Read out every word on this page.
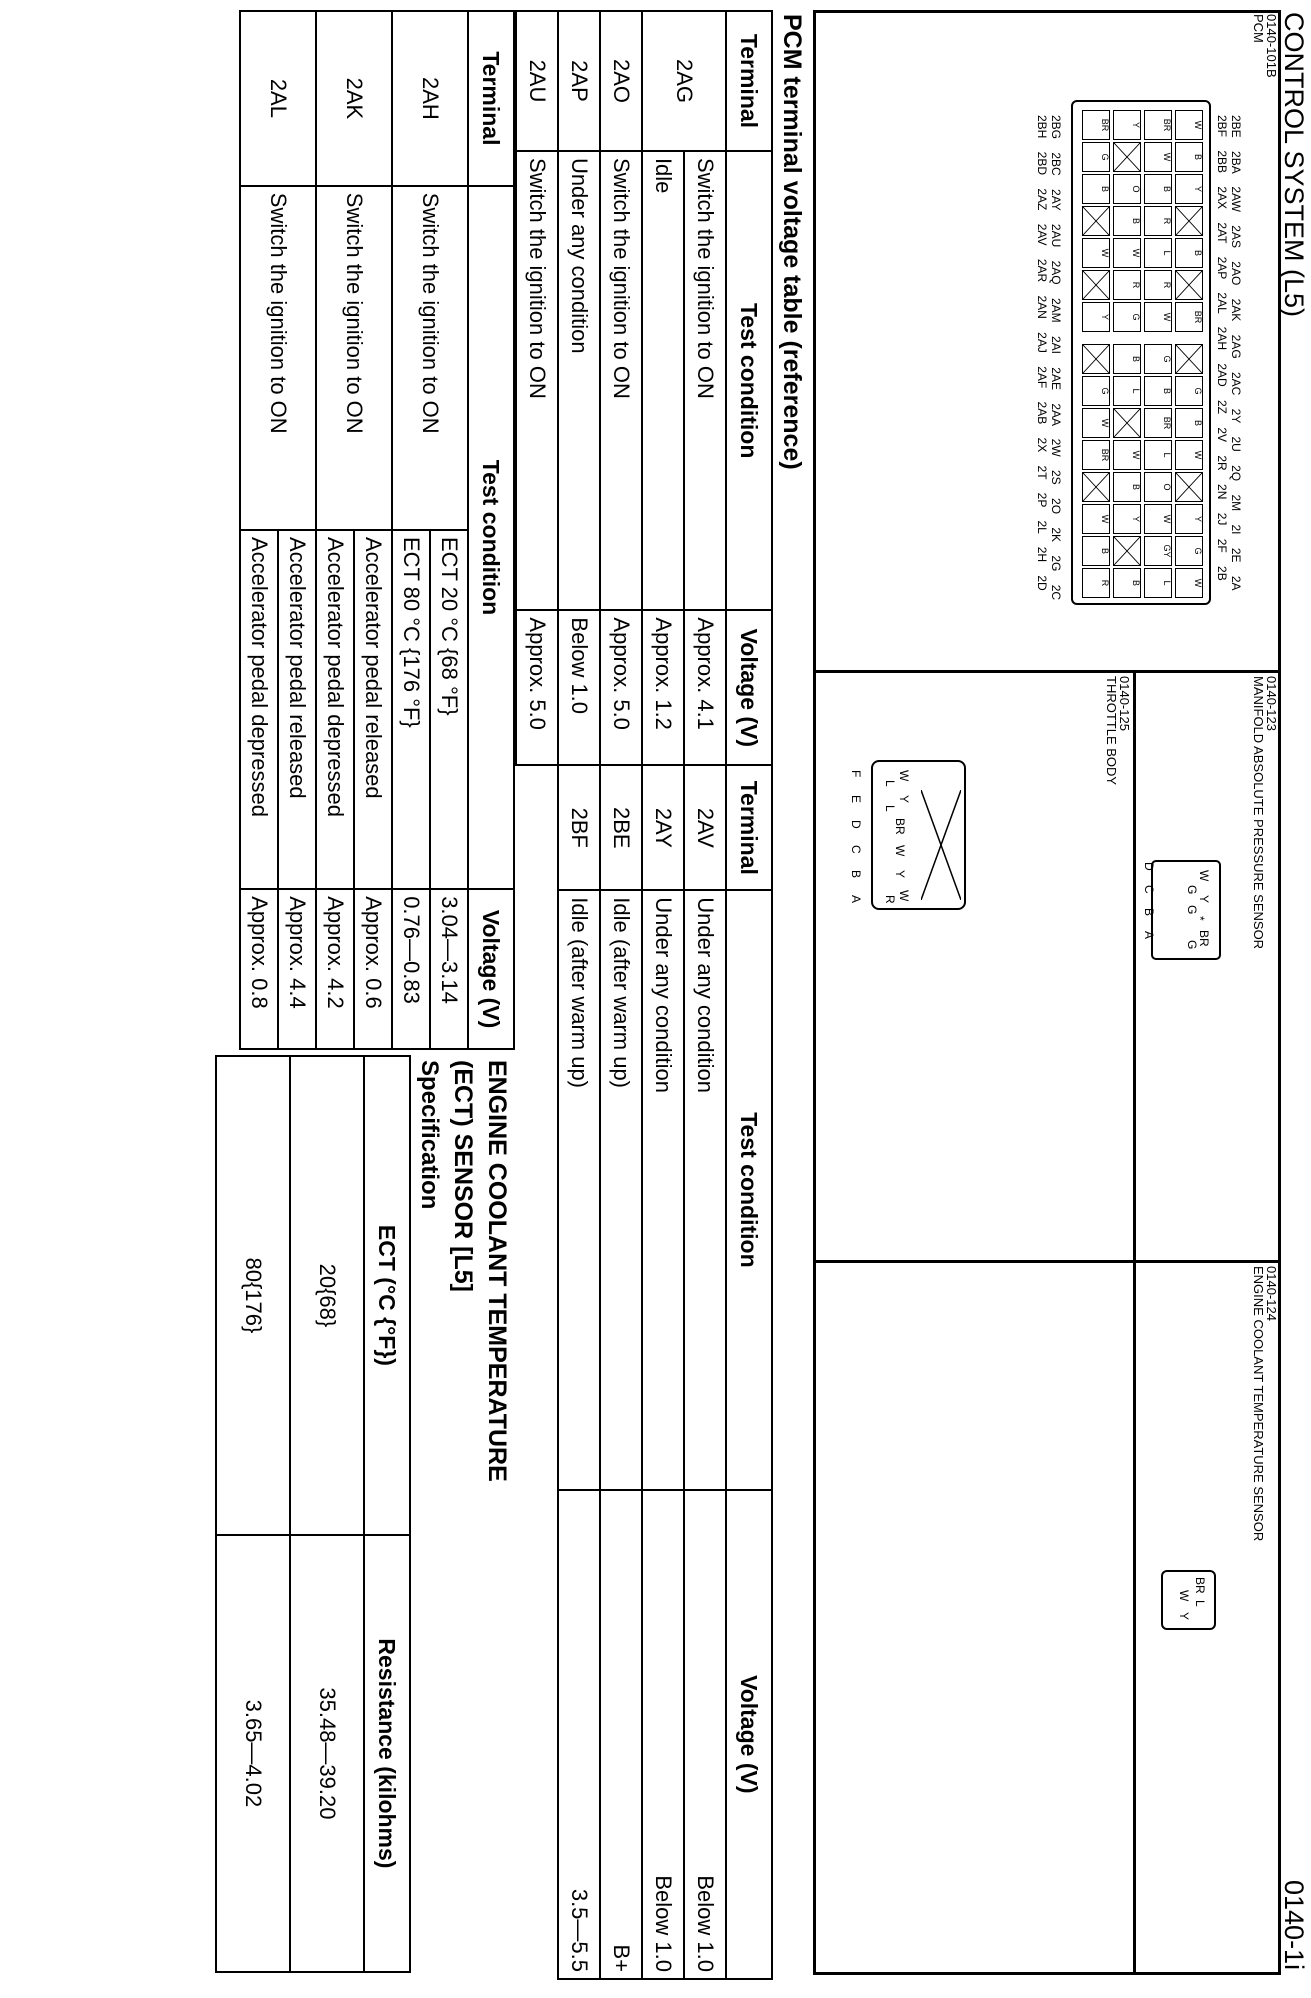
CONTROL SYSTEM (L5)
0140-1i
0140-101B
PCM
2BE 2BA 2AW 2AS 2AO 2AK 2AG 2AC 2Y 2U 2Q 2M 2I 2E 2A
2BF 2BB 2AX 2AT 2AP 2AL 2AH 2AD 2Z 2V 2R 2N 2J 2F 2B
2BG 2BC 2AY 2AU 2AQ 2AM 2AI 2AE 2AA 2W 2S 2O 2K 2G 2C
2BH 2BD 2AZ 2AV 2AR 2AN 2AJ 2AF 2AB 2X 2T 2P 2L 2H 2D	W
B
Y
B
BR
G
B
W
Y
G
W
BR
W
B
R
L
R
W
G
B
BR
L
O
W
GY
L
Y
O
B
W
R
G
B
L
W
B
Y
B
BR
G
B
W
Y
G
W
BR
W
B
R
0140-123
MANIFOLD ABSOLUTE PRESSURE SENSOR
D
C
B
A
W
G
Y
G
*
BR
G
0140-124
ENGINE COOLANT TEMPERATURE SENSOR
BR
L
W
Y
0140-125
THROTTLE BODY
F
E
D
C
B
A
W
L
Y
L
BR
W
Y
W
R
PCM terminal voltage table (reference)
Terminal	Test condition	Voltage (V)	Terminal	Test condition	Voltage (V)
2AG	Switch the ignition to ON	Approx. 4.1	2AV	Under any condition	Below 1.0
	Idle	Approx. 1.2	2AY	Under any condition	Below 1.0
2AO	Switch the ignition to ON	Approx. 5.0	2BE	Idle (after warm up)	B+
2AP	Under any condition	Below 1.0	2BF	Idle (after warm up)	3.5—5.5
2AU	Switch the ignition to ON	Approx. 5.0			
Terminal	Test condition		Voltage (V)
2AH	Switch the ignition to ON	ECT 20 °C {68 °F}	3.04—3.14
		ECT 80 °C {176 °F}	0.76—0.83
2AK	Switch the ignition to ON	Accelerator pedal released	Approx. 0.6
		Accelerator pedal depressed	Approx. 4.2
2AL	Switch the ignition to ON	Accelerator pedal released	Approx. 4.4
		Accelerator pedal depressed	Approx. 0.8
ENGINE COOLANT TEMPERATURE
(ECT) SENSOR [L5]
Specification
ECT (°C {°F})	Resistance (kilohms)
20{68}	35.48—39.20
80{176}	3.65—4.02
